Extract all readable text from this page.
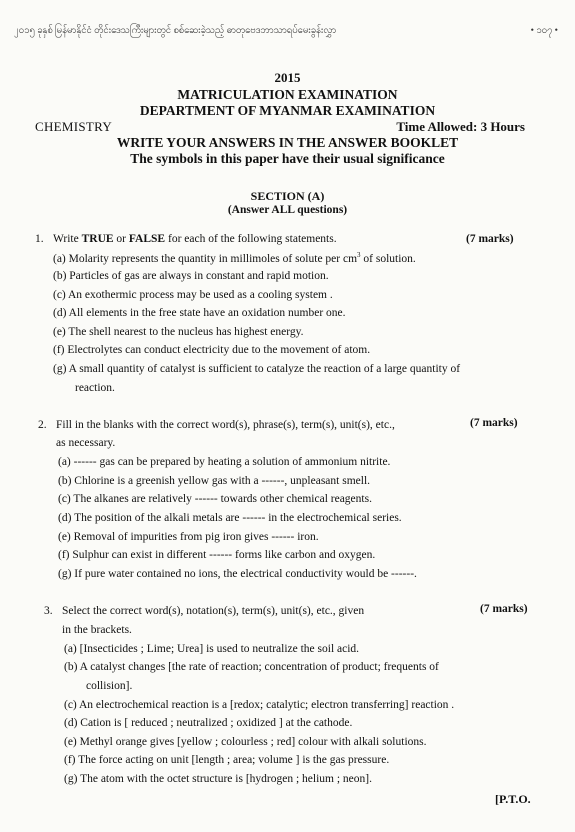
၂၀၁၅ ခုနှစ် မြန်မာနိုင်ငံ တိုင်းဒေသကြီးများတွင် စစ်ဆေးခဲ့သည့် ဓာတုဗေဒဘာသာရပ်မေးခွန်းလွှာ	• ၁၀၇ •
2015
MATRICULATION EXAMINATION
DEPARTMENT OF MYANMAR EXAMINATION
CHEMISTRY	Time Allowed: 3 Hours
WRITE YOUR ANSWERS IN THE ANSWER BOOKLET
The symbols in this paper have their usual significance
SECTION (A)
(Answer ALL questions)
1. Write TRUE or FALSE for each of the following statements.	(7 marks)
(a) Molarity represents the quantity in millimoles of solute per $cm^3$ of solution.
(b) Particles of gas are always in constant and rapid motion.
(c) An exothermic process may be used as a cooling system .
(d) All elements in the free state have an oxidation number one.
(e) The shell nearest to the nucleus has highest energy.
(f) Electrolytes can conduct electricity due to the movement of atom.
(g) A small quantity of catalyst is sufficient to catalyze the reaction of a large quantity of
reaction.
2. Fill in the blanks with the correct word(s), phrase(s), term(s), unit(s), etc.,	(7 marks)
as necessary.
(a) ------ gas can be prepared by heating a solution of ammonium nitrite.
(b) Chlorine is a greenish yellow gas with a ------, unpleasant smell.
(c) The alkanes are relatively ------ towards other chemical reagents.
(d) The position of the alkali metals are ------ in the electrochemical series.
(e) Removal of impurities from pig iron gives ------ iron.
(f) Sulphur can exist in different ------ forms like carbon and oxygen.
(g) If pure water contained no ions, the electrical conductivity would be ------.
3. Select the correct word(s), notation(s), term(s), unit(s), etc., given	(7 marks)
in the brackets.
(a) [Insecticides ; Lime; Urea] is used to neutralize the soil acid.
(b) A catalyst changes [the rate of reaction; concentration of product; frequents of
collision].
(c) An electrochemical reaction is a [redox; catalytic; electron transferring] reaction .
(d) Cation is [ reduced ; neutralized ; oxidized ] at the cathode.
(e) Methyl orange gives [yellow ; colourless ; red] colour with alkali solutions.
(f) The force acting on unit [length ; area; volume ] is the gas pressure.
(g) The atom with the octet structure is [hydrogen ; helium ; neon].
[P.T.O.
